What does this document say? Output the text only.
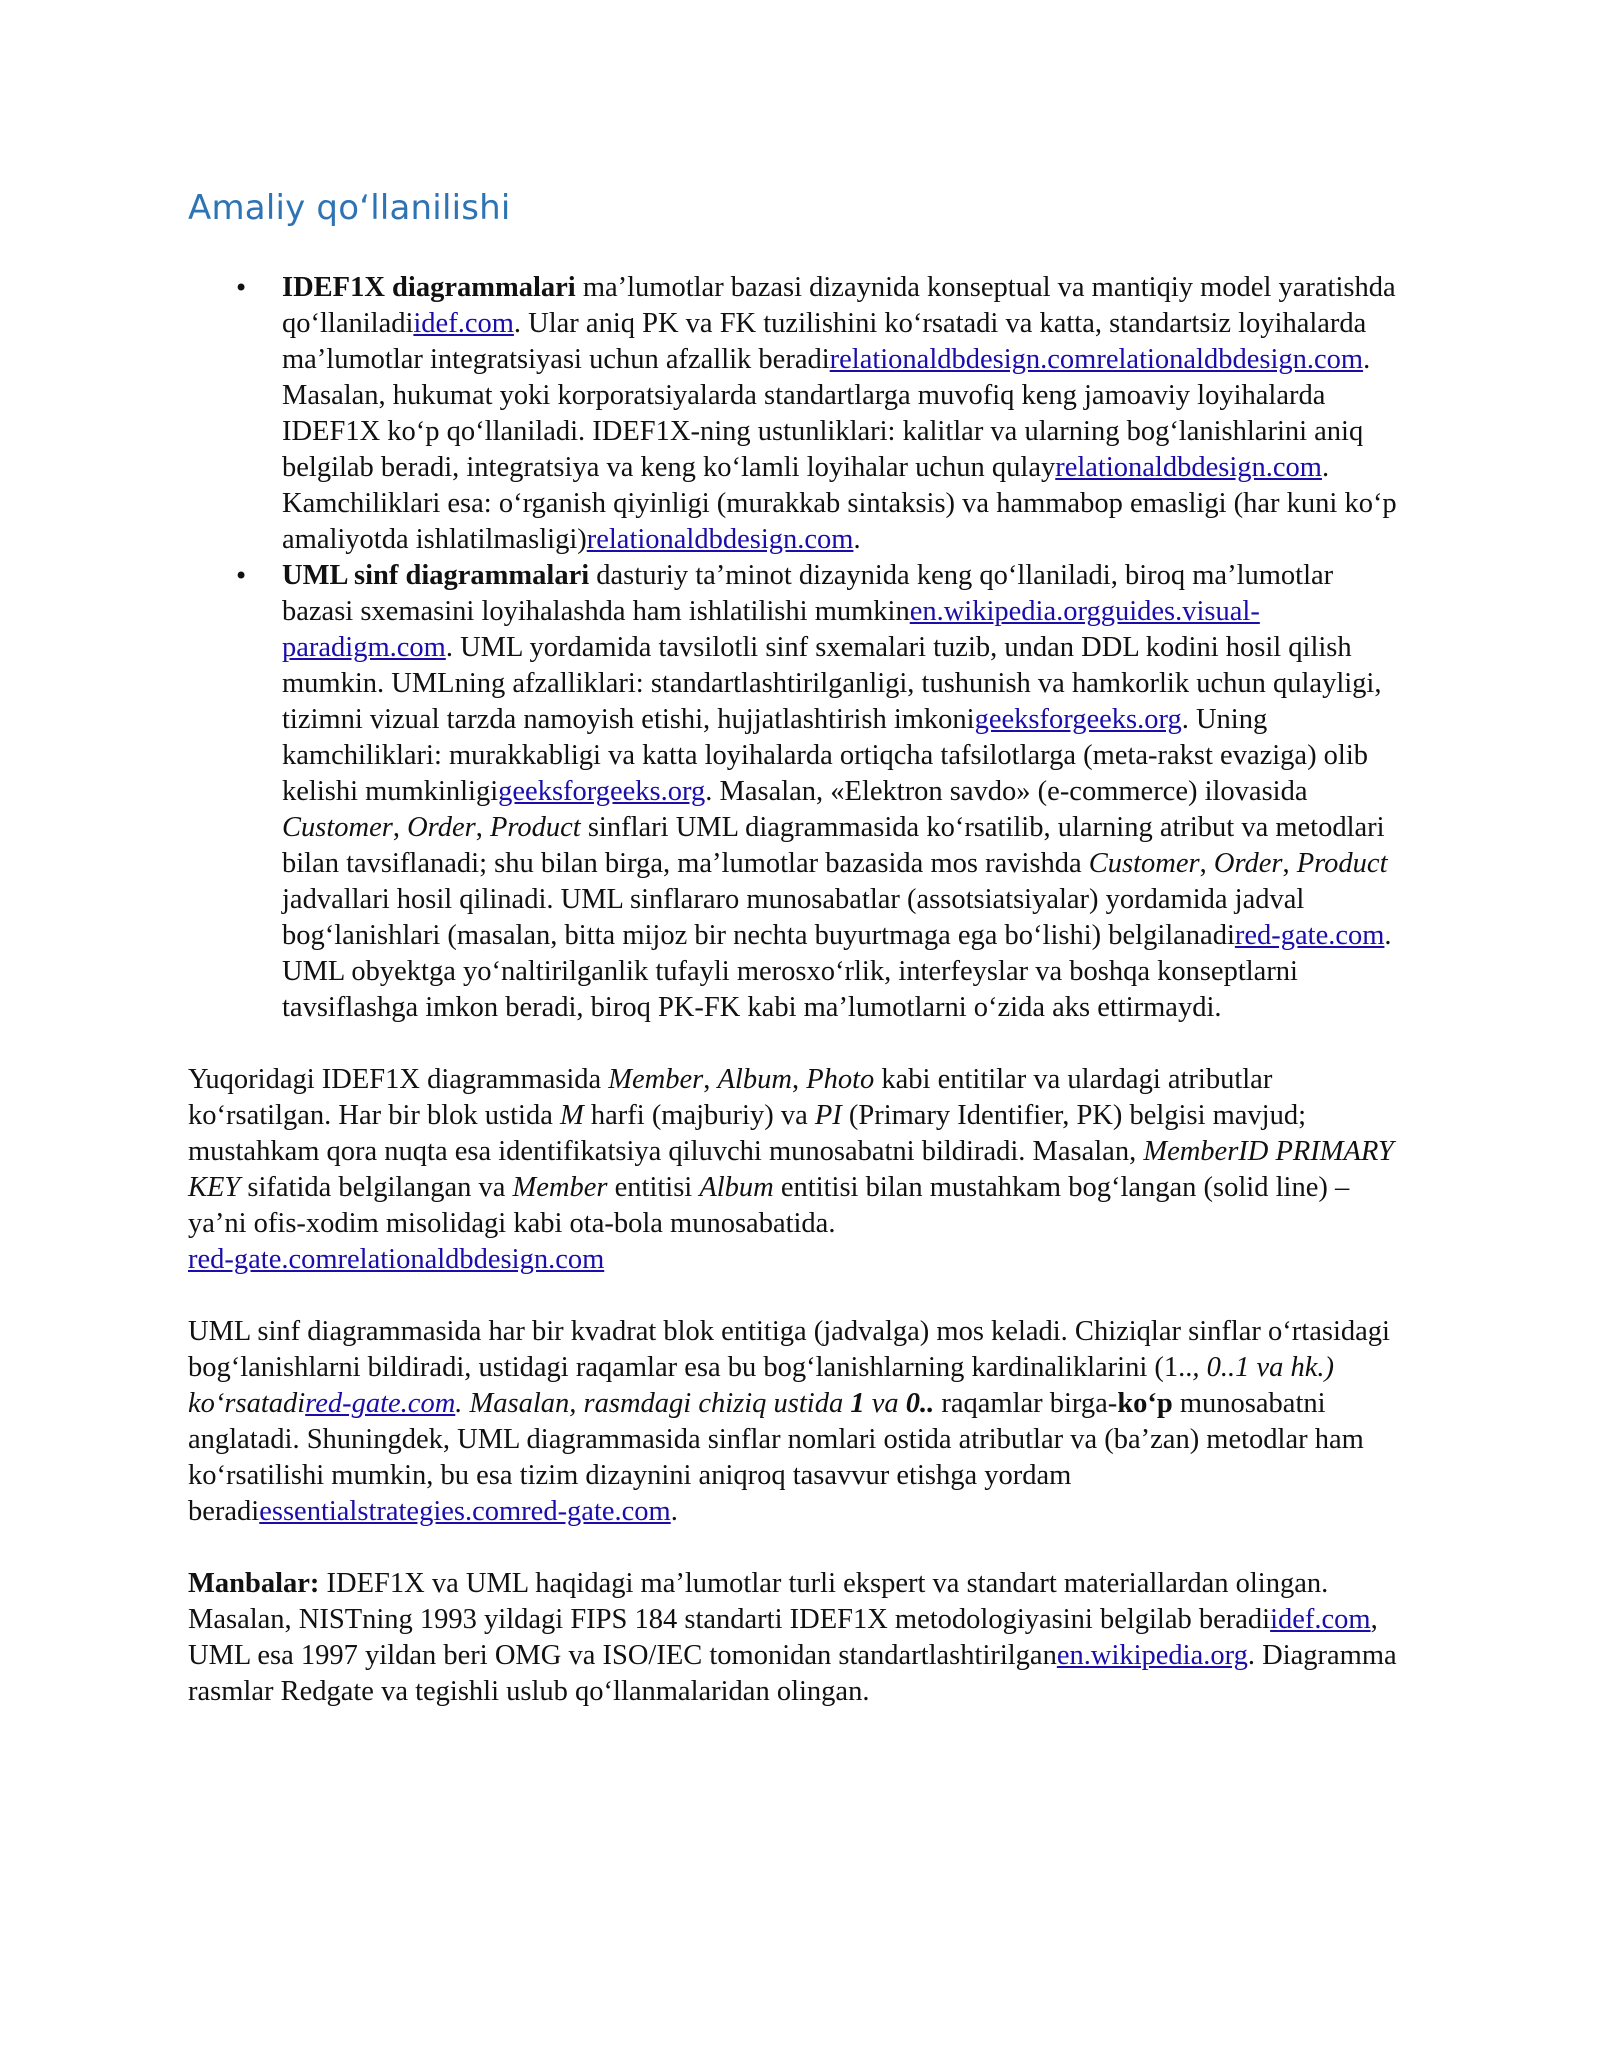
Amaliy qo‘llanilishi
• IDEF1X diagrammalari ma’lumotlar bazasi dizaynida konseptual va mantiqiy model yaratishda qo‘llaniladiidef.com. Ular aniq PK va FK tuzilishini ko‘rsatadi va katta, standartsiz loyihalarda ma’lumotlar integratsiyasi uchun afzallik beradirelationaldbdesign.comrelationaldbdesign.com. Masalan, hukumat yoki korporatsiyalarda standartlarga muvofiq keng jamoaviy loyihalarda IDEF1X ko‘p qo‘llaniladi. IDEF1X-ning ustunliklari: kalitlar va ularning bog‘lanishlarini aniq belgilab beradi, integratsiya va keng ko‘lamli loyihalar uchun qulayrelationaldbdesign.com. Kamchiliklari esa: o‘rganish qiyinligi (murakkab sintaksis) va hammabop emasligi (har kuni ko‘p amaliyotda ishlatilmasligi)relationaldbdesign.com.
• UML sinf diagrammalari dasturiy ta’minot dizaynida keng qo‘llaniladi, biroq ma’lumotlar bazasi sxemasini loyihalashda ham ishlatilishi mumkinen.wikipedia.orgguides.visual-paradigm.com. UML yordamida tavsilotli sinf sxemalari tuzib, undan DDL kodini hosil qilish mumkin. UMLning afzalliklari: standartlashtirilganligi, tushunish va hamkorlik uchun qulayligi, tizimni vizual tarzda namoyish etishi, hujjatlashtirish imkonigeeksforgeeks.org. Uning kamchiliklari: murakkabligi va katta loyihalarda ortiqcha tafsilotlarga (meta-rakst evaziga) olib kelishi mumkinligigeeksforgeeks.org. Masalan, «Elektron savdo» (e-commerce) ilovasida Customer, Order, Product sinflari UML diagrammasida ko‘rsatilib, ularning atribut va metodlari bilan tavsiflanadi; shu bilan birga, ma’lumotlar bazasida mos ravishda Customer, Order, Product jadvallari hosil qilinadi. UML sinflararo munosabatlar (assotsiatsiyalar) yordamida jadval bog‘lanishlari (masalan, bitta mijoz bir nechta buyurtmaga ega bo‘lishi) belgilanadired-gate.com. UML obyektga yo‘naltirilganlik tufayli merosxo‘rlik, interfeyslar va boshqa konseptlarni tavsiflashga imkon beradi, biroq PK-FK kabi ma’lumotlarni o‘zida aks ettirmaydi.

Yuqoridagi IDEF1X diagrammasida Member, Album, Photo kabi entitilar va ulardagi atributlar ko‘rsatilgan. Har bir blok ustida M harfi (majburiy) va PI (Primary Identifier, PK) belgisi mavjud; mustahkam qora nuqta esa identifikatsiya qiluvchi munosabatni bildiradi. Masalan, MemberID PRIMARY KEY sifatida belgilangan va Member entitisi Album entitisi bilan mustahkam bog‘langan (solid line) – ya’ni ofis-xodim misolidagi kabi ota-bola munosabatida.
red-gate.comrelationaldbdesign.com

UML sinf diagrammasida har bir kvadrat blok entitiga (jadvalga) mos keladi. Chiziqlar sinflar o‘rtasidagi bog‘lanishlarni bildiradi, ustidagi raqamlar esa bu bog‘lanishlarning kardinaliklarini (1.., 0..1 va hk.) ko‘rsatadired-gate.com. Masalan, rasmdagi chiziq ustida 1 va 0.. raqamlar birga-ko‘p munosabatni anglatadi. Shuningdek, UML diagrammasida sinflar nomlari ostida atributlar va (ba’zan) metodlar ham ko‘rsatilishi mumkin, bu esa tizim dizaynini aniqroq tasavvur etishga yordam beradiessentialstrategies.comred-gate.com.

Manbalar: IDEF1X va UML haqidagi ma’lumotlar turli ekspert va standart materiallardan olingan. Masalan, NISTning 1993 yildagi FIPS 184 standarti IDEF1X metodologiyasini belgilab beradiidef.com, UML esa 1997 yildan beri OMG va ISO/IEC tomonidan standartlashtirilganen.wikipedia.org. Diagramma rasmlar Redgate va tegishli uslub qo‘llanmalaridan olingan.
